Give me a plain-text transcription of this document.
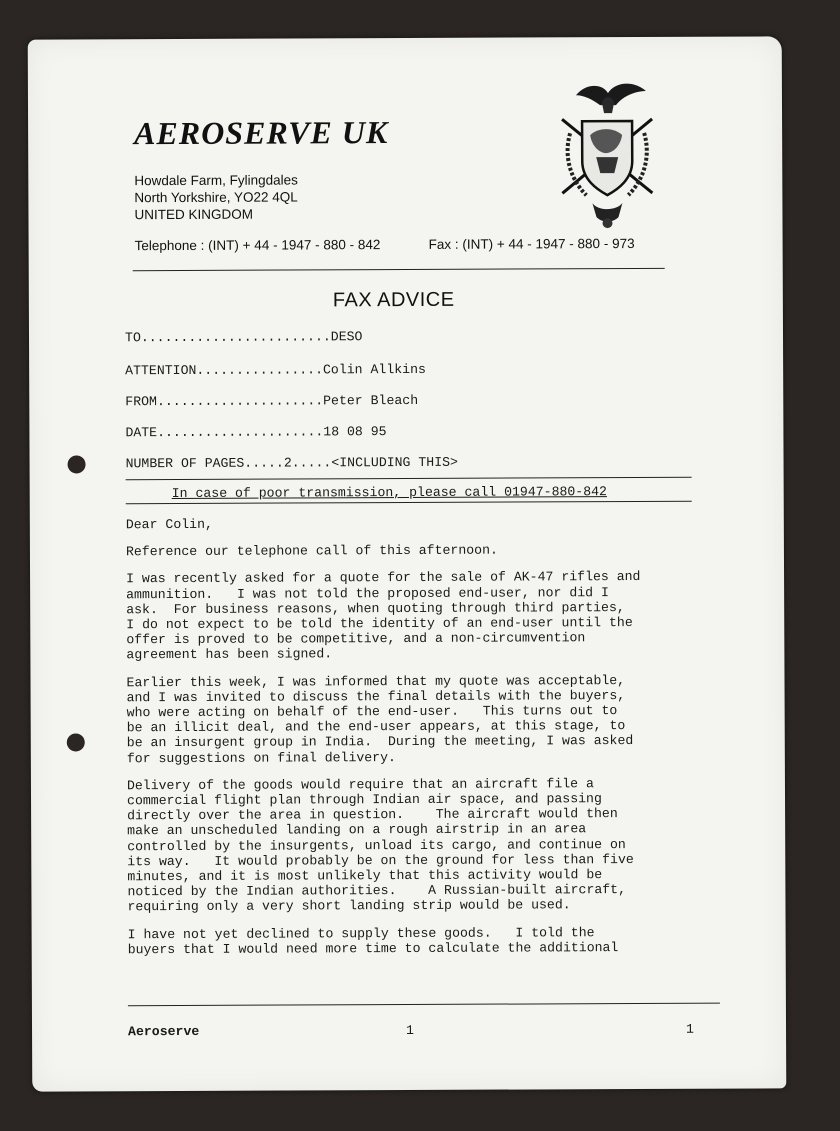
AEROSERVE UK
Howdale Farm, Fylingdales
North Yorkshire, YO22 4QL
UNITED KINGDOM
Telephone : (INT) + 44 - 1947 - 880 - 842	Fax : (INT) + 44 - 1947 - 880 - 973
FAX ADVICE
TO........................DESO
ATTENTION................Colin Allkins
FROM.....................Peter Bleach
DATE.....................18 08 95
NUMBER OF PAGES.....2.....<INCLUDING THIS>
In case of poor transmission, please call 01947-880-842

Dear Colin,

Reference our telephone call of this afternoon.

I was recently asked for a quote for the sale of AK-47 rifles and
ammunition.   I was not told the proposed end-user, nor did I
ask.  For business reasons, when quoting through third parties,
I do not expect to be told the identity of an end-user until the
offer is proved to be competitive, and a non-circumvention
agreement has been signed.

Earlier this week, I was informed that my quote was acceptable,
and I was invited to discuss the final details with the buyers,
who were acting on behalf of the end-user.   This turns out to
be an illicit deal, and the end-user appears, at this stage, to
be an insurgent group in India.  During the meeting, I was asked
for suggestions on final delivery.

Delivery of the goods would require that an aircraft file a
commercial flight plan through Indian air space, and passing
directly over the area in question.    The aircraft would then
make an unscheduled landing on a rough airstrip in an area
controlled by the insurgents, unload its cargo, and continue on
its way.   It would probably be on the ground for less than five
minutes, and it is most unlikely that this activity would be
noticed by the Indian authorities.    A Russian-built aircraft,
requiring only a very short landing strip would be used.

I have not yet declined to supply these goods.   I told the
buyers that I would need more time to calculate the additional

Aeroserve	1	1
